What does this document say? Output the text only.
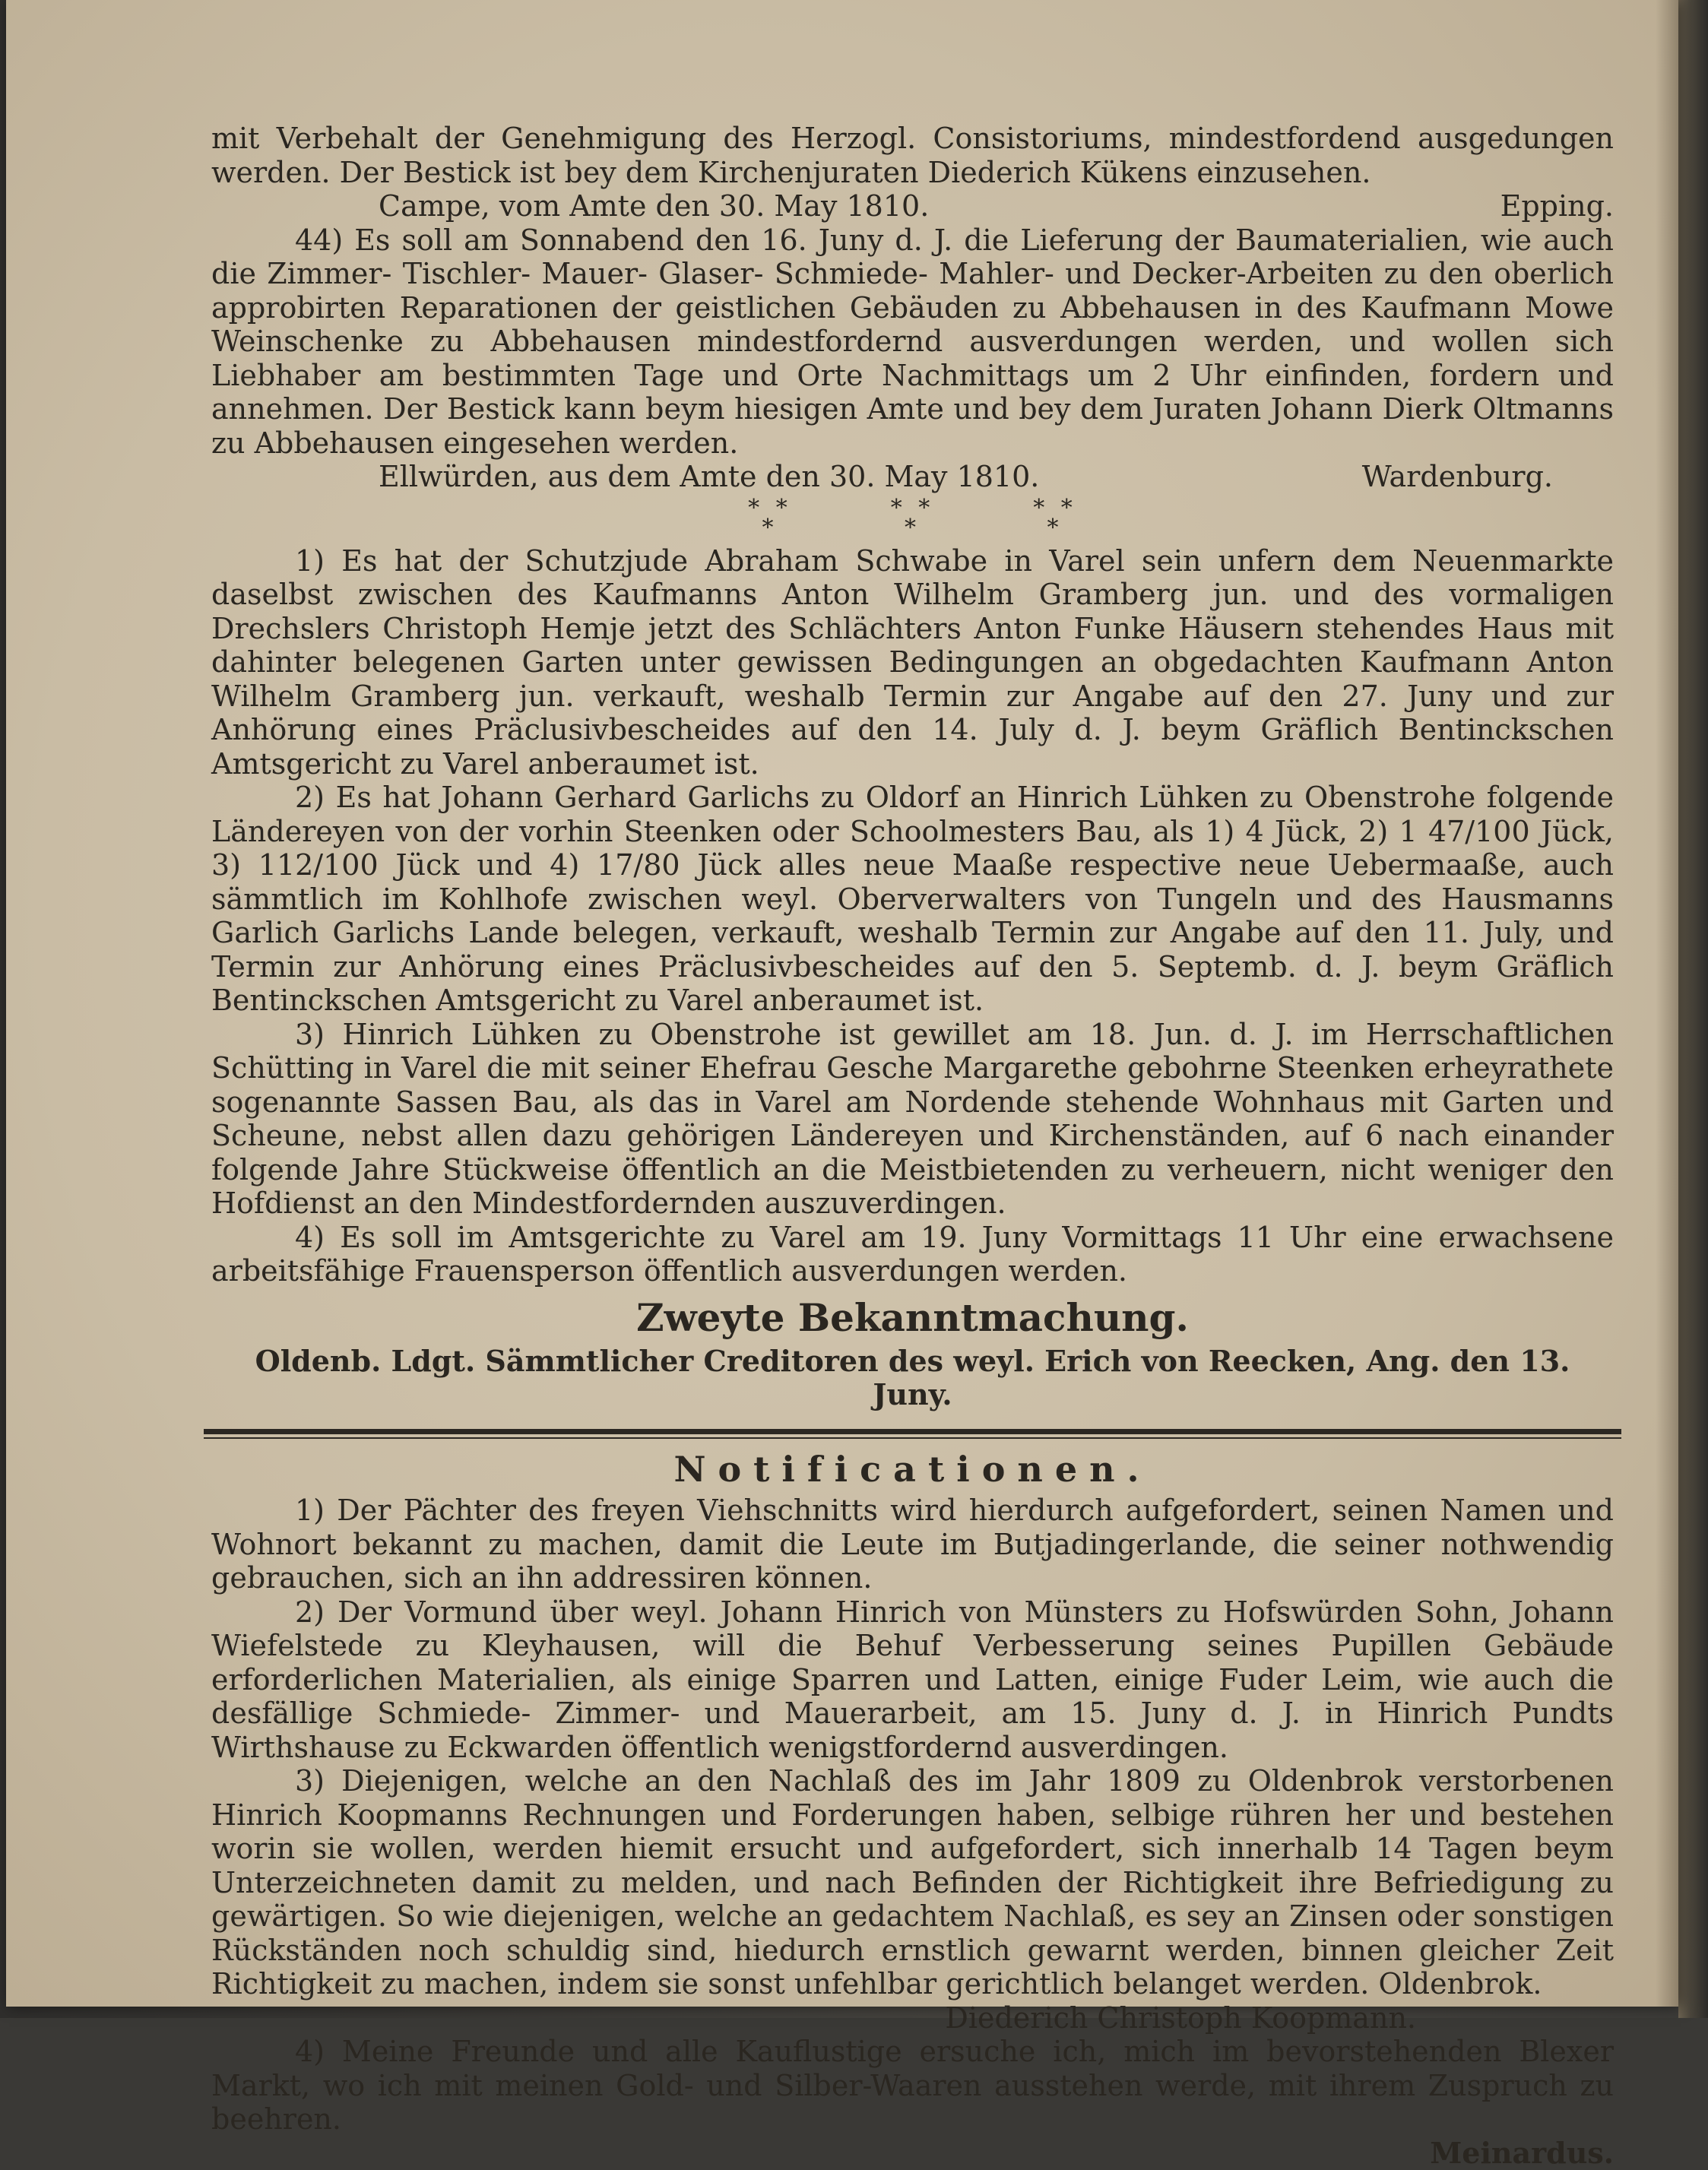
mit Verbehalt der Genehmigung des Herzogl. Consistoriums, mindestfordend ausgedungen werden. Der Bestick ist bey dem Kirchenjuraten Diederich Kükens einzusehen.

Campe, vom Amte den 30. May 1810.	Epping.

44) Es soll am Sonnabend den 16. Juny d. J. die Lieferung der Baumaterialien, wie auch die Zimmer- Tischler- Mauer- Glaser- Schmiede- Mahler- und Decker-Arbeiten zu den oberlich approbirten Reparationen der geistlichen Gebäuden zu Abbehausen in des Kaufmann Mowe Weinschenke zu Abbehausen mindestfordernd ausverdungen werden, und wollen sich Liebhaber am bestimmten Tage und Orte Nachmittags um 2 Uhr einfinden, fordern und annehmen. Der Bestick kann beym hiesigen Amte und bey dem Juraten Johann Dierk Oltmanns zu Abbehausen eingesehen werden.

Ellwürden, aus dem Amte den 30. May 1810.	Wardenburg.
* *
*
* *
*
* *
*

1) Es hat der Schutzjude Abraham Schwabe in Varel sein unfern dem Neuenmarkte daselbst zwischen des Kaufmanns Anton Wilhelm Gramberg jun. und des vormaligen Drechslers Christoph Hemje jetzt des Schlächters Anton Funke Häusern stehendes Haus mit dahinter belegenen Garten unter gewissen Bedingungen an obgedachten Kaufmann Anton Wilhelm Gramberg jun. verkauft, weshalb Termin zur Angabe auf den 27. Juny und zur Anhörung eines Präclusivbescheides auf den 14. July d. J. beym Gräflich Bentinckschen Amtsgericht zu Varel anberaumet ist.

2) Es hat Johann Gerhard Garlichs zu Oldorf an Hinrich Lühken zu Obenstrohe folgende Ländereyen von der vorhin Steenken oder Schoolmesters Bau, als 1) 4 Jück, 2) 1 47/100 Jück, 3) 112/100 Jück und 4) 17/80 Jück alles neue Maaße respective neue Uebermaaße, auch sämmtlich im Kohlhofe zwischen weyl. Oberverwalters von Tungeln und des Hausmanns Garlich Garlichs Lande belegen, verkauft, weshalb Termin zur Angabe auf den 11. July, und Termin zur Anhörung eines Präclusivbescheides auf den 5. Septemb. d. J. beym Gräflich Bentinckschen Amtsgericht zu Varel anberaumet ist.

3) Hinrich Lühken zu Obenstrohe ist gewillet am 18. Jun. d. J. im Herrschaftlichen Schütting in Varel die mit seiner Ehefrau Gesche Margarethe gebohrne Steenken erheyrathete sogenannte Sassen Bau, als das in Varel am Nordende stehende Wohnhaus mit Garten und Scheune, nebst allen dazu gehörigen Ländereyen und Kirchenständen, auf 6 nach einander folgende Jahre Stückweise öffentlich an die Meistbietenden zu verheuern, nicht weniger den Hofdienst an den Mindestfordernden auszuverdingen.

4) Es soll im Amtsgerichte zu Varel am 19. Juny Vormittags 11 Uhr eine erwachsene arbeitsfähige Frauensperson öffentlich ausverdungen werden.

Zweyte Bekanntmachung.

Oldenb. Ldgt. Sämmtlicher Creditoren des weyl. Erich von Reecken, Ang. den 13. Juny.

Notificationen.

1) Der Pächter des freyen Viehschnitts wird hierdurch aufgefordert, seinen Namen und Wohnort bekannt zu machen, damit die Leute im Butjadingerlande, die seiner nothwendig gebrauchen, sich an ihn addressiren können.

2) Der Vormund über weyl. Johann Hinrich von Münsters zu Hofswürden Sohn, Johann Wiefelstede zu Kleyhausen, will die Behuf Verbesserung seines Pupillen Gebäude erforderlichen Materialien, als einige Sparren und Latten, einige Fuder Leim, wie auch die desfällige Schmiede- Zimmer- und Mauerarbeit, am 15. Juny d. J. in Hinrich Pundts Wirthshause zu Eckwarden öffentlich wenigstfordernd ausverdingen.

3) Diejenigen, welche an den Nachlaß des im Jahr 1809 zu Oldenbrok verstorbenen Hinrich Koopmanns Rechnungen und Forderungen haben, selbige rühren her und bestehen worin sie wollen, werden hiemit ersucht und aufgefordert, sich innerhalb 14 Tagen beym Unterzeichneten damit zu melden, und nach Befinden der Richtigkeit ihre Befriedigung zu gewärtigen. So wie diejenigen, welche an gedachtem Nachlaß, es sey an Zinsen oder sonstigen Rückständen noch schuldig sind, hiedurch ernstlich gewarnt werden, binnen gleicher Zeit Richtigkeit zu machen, indem sie sonst unfehlbar gerichtlich belanget werden. Oldenbrok.

Diederich Christoph Koopmann.

4) Meine Freunde und alle Kauflustige ersuche ich, mich im bevorstehenden Blexer Markt, wo ich mit meinen Gold- und Silber-Waaren ausstehen werde, mit ihrem Zuspruch zu beehren.

Meinardus.
